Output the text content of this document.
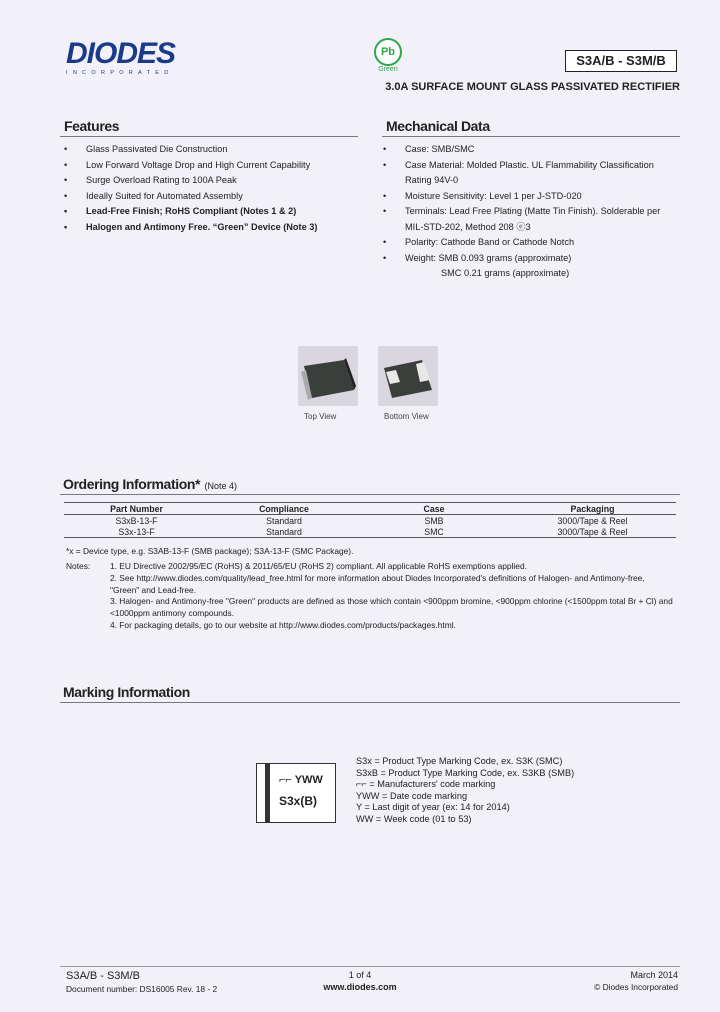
DIODES
INCORPORATED
Pb
Green
S3A/B - S3M/B
3.0A SURFACE MOUNT GLASS PASSIVATED RECTIFIER
Features
• Glass Passivated Die Construction
• Low Forward Voltage Drop and High Current Capability
• Surge Overload Rating to 100A Peak
• Ideally Suited for Automated Assembly
• Lead-Free Finish; RoHS Compliant (Notes 1 & 2)
• Halogen and Antimony Free. “Green” Device (Note 3)
Mechanical Data
• Case: SMB/SMC
• Case Material: Molded Plastic. UL Flammability Classification Rating 94V-0
• Moisture Sensitivity: Level 1 per J-STD-020
• Terminals: Lead Free Plating (Matte Tin Finish). Solderable per MIL-STD-202, Method 208 ⓔ3
• Polarity: Cathode Band or Cathode Notch
• Weight: SMB 0.093 grams (approximate)
SMC 0.21 grams (approximate)
Top View	Bottom View
Ordering Information* (Note 4)
Part Number	Compliance	Case	Packaging
S3xB-13-F	Standard	SMB	3000/Tape & Reel
S3x-13-F	Standard	SMC	3000/Tape & Reel
*x = Device type, e.g. S3AB-13-F (SMB package); S3A-13-F (SMC Package).
Notes: 1. EU Directive 2002/95/EC (RoHS) & 2011/65/EU (RoHS 2) compliant. All applicable RoHS exemptions applied.
2. See http://www.diodes.com/quality/lead_free.html for more information about Diodes Incorporated's definitions of Halogen- and Antimony-free, "Green" and Lead-free.
3. Halogen- and Antimony-free "Green" products are defined as those which contain <900ppm bromine, <900ppm chlorine (<1500ppm total Br + Cl) and <1000ppm antimony compounds.
4. For packaging details, go to our website at http://www.diodes.com/products/packages.html.
Marking Information
⌐⌐ YWW
S3x(B)
S3x = Product Type Marking Code, ex. S3K (SMC)
S3xB = Product Type Marking Code, ex. S3KB (SMB)
⌐⌐ = Manufacturers' code marking
YWW = Date code marking
Y = Last digit of year (ex: 14 for 2014)
WW = Week code (01 to 53)
S3A/B - S3M/B
Document number: DS16005 Rev. 18 - 2
1 of 4
www.diodes.com
March 2014
© Diodes Incorporated
